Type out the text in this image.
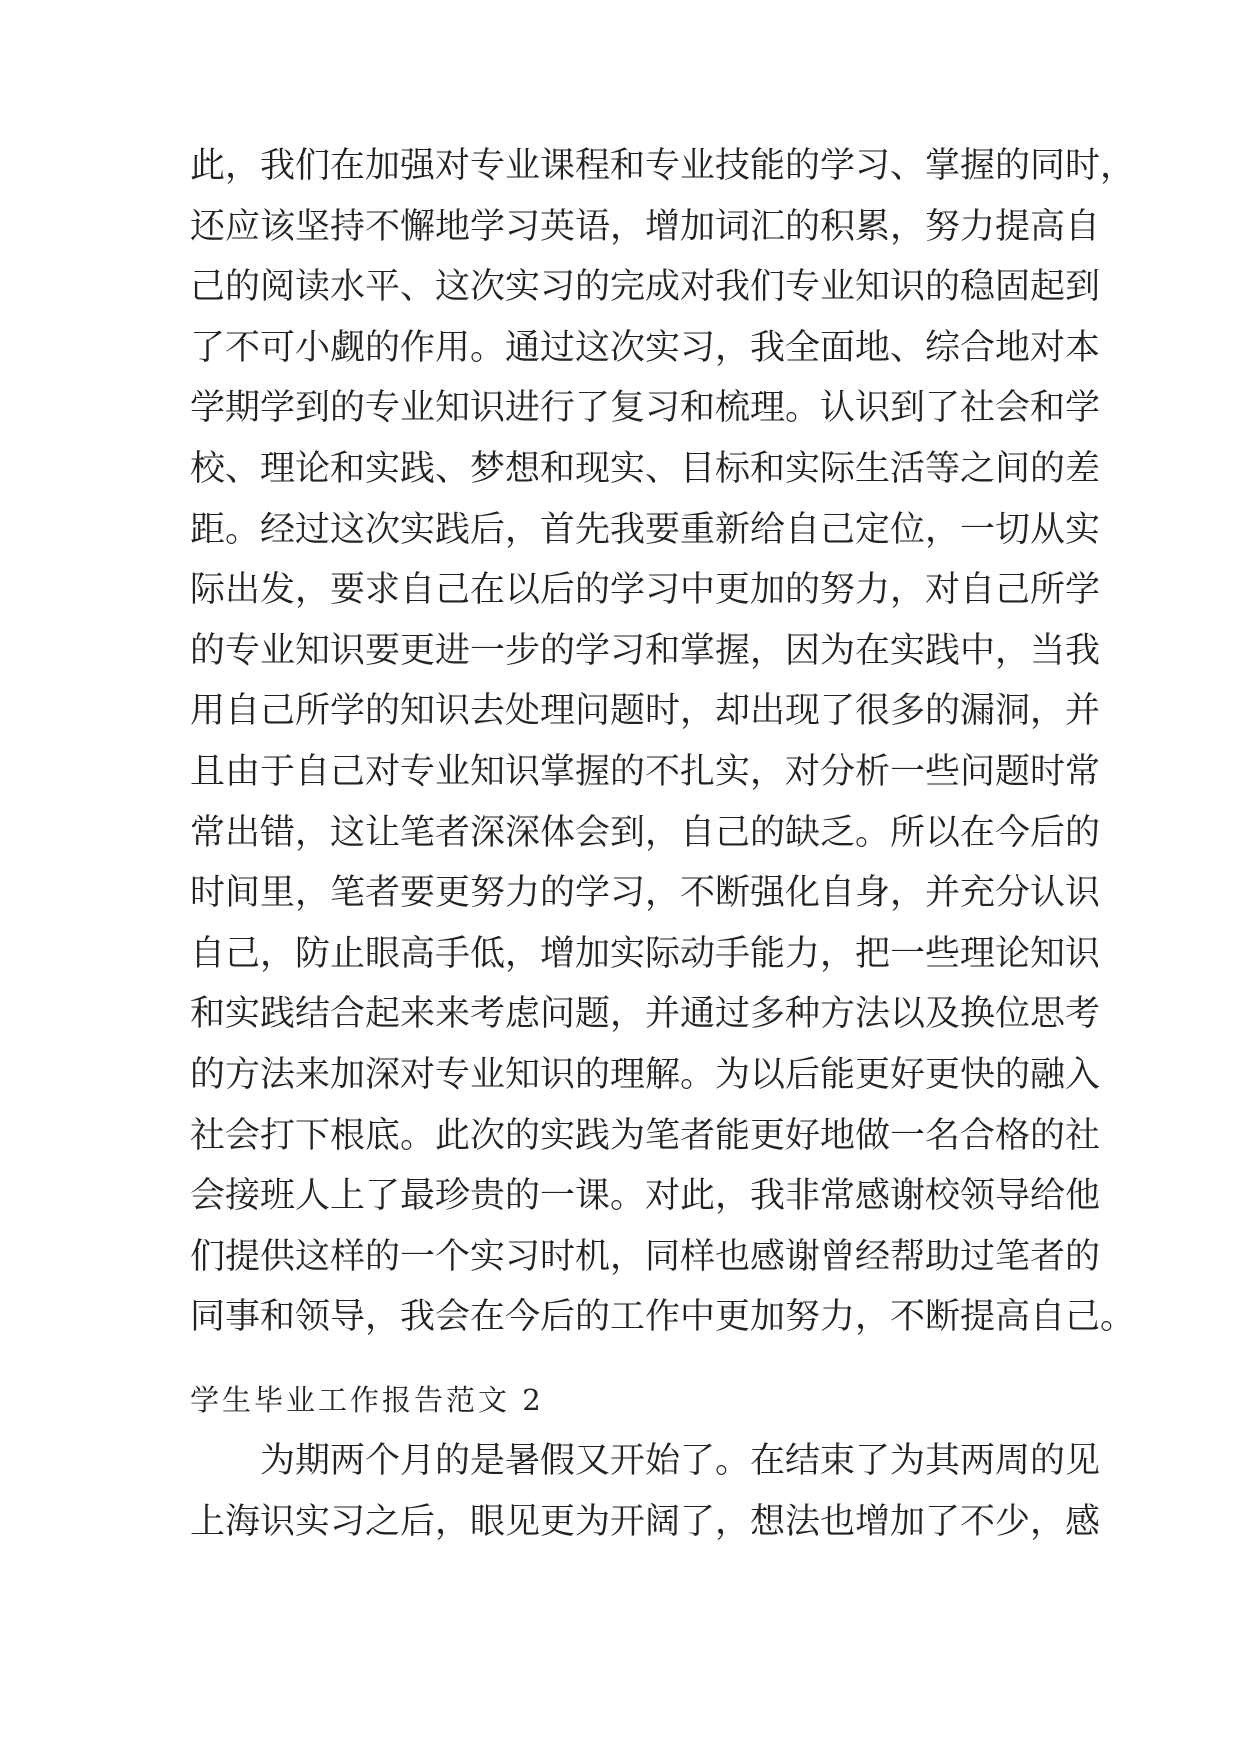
此，我们在加强对专业课程和专业技能的学习、掌握的同时，
还应该坚持不懈地学习英语，增加词汇的积累，努力提高自
己的阅读水平、这次实习的完成对我们专业知识的稳固起到
了不可小觑的作用。通过这次实习，我全面地、综合地对本
学期学到的专业知识进行了复习和梳理。认识到了社会和学
校、理论和实践、梦想和现实、目标和实际生活等之间的差
距。经过这次实践后，首先我要重新给自己定位，一切从实
际出发，要求自己在以后的学习中更加的努力，对自己所学
的专业知识要更进一步的学习和掌握，因为在实践中，当我
用自己所学的知识去处理问题时，却出现了很多的漏洞，并
且由于自己对专业知识掌握的不扎实，对分析一些问题时常
常出错，这让笔者深深体会到，自己的缺乏。所以在今后的
时间里，笔者要更努力的学习，不断强化自身，并充分认识
自己，防止眼高手低，增加实际动手能力，把一些理论知识
和实践结合起来来考虑问题，并通过多种方法以及换位思考
的方法来加深对专业知识的理解。为以后能更好更快的融入
社会打下根底。此次的实践为笔者能更好地做一名合格的社
会接班人上了最珍贵的一课。对此，我非常感谢校领导给他
们提供这样的一个实习时机，同样也感谢曾经帮助过笔者的
同事和领导，我会在今后的工作中更加努力，不断提高自己。
学生毕业工作报告范文 2
为期两个月的是暑假又开始了。在结束了为其两周的见
上海识实习之后，眼见更为开阔了，想法也增加了不少，感
